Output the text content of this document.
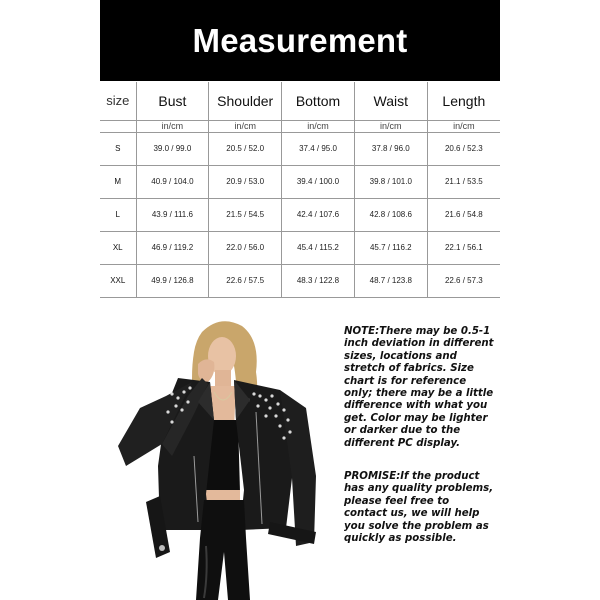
Measurement
size	Bust	Shoulder	Bottom	Waist	Length
	in/cm	in/cm	in/cm	in/cm	in/cm
S	39.0 / 99.0	20.5 / 52.0	37.4 / 95.0	37.8 / 96.0	20.6 / 52.3
M	40.9 / 104.0	20.9 / 53.0	39.4 / 100.0	39.8 / 101.0	21.1 / 53.5
L	43.9 / 111.6	21.5 / 54.5	42.4 / 107.6	42.8 / 108.6	21.6 / 54.8
XL	46.9 / 119.2	22.0 / 56.0	45.4 / 115.2	45.7 / 116.2	22.1 / 56.1
XXL	49.9 / 126.8	22.6 / 57.5	48.3 / 122.8	48.7 / 123.8	22.6 / 57.3

NOTE:There may be 0.5-1 inch deviation in different sizes, locations and stretch of fabrics. Size chart is for reference only; there may be a little difference with what you get. Color may be lighter or darker due to the different PC display.

PROMISE:If the product has any quality problems, please feel free to contact us, we will help you solve the problem as quickly as possible.
